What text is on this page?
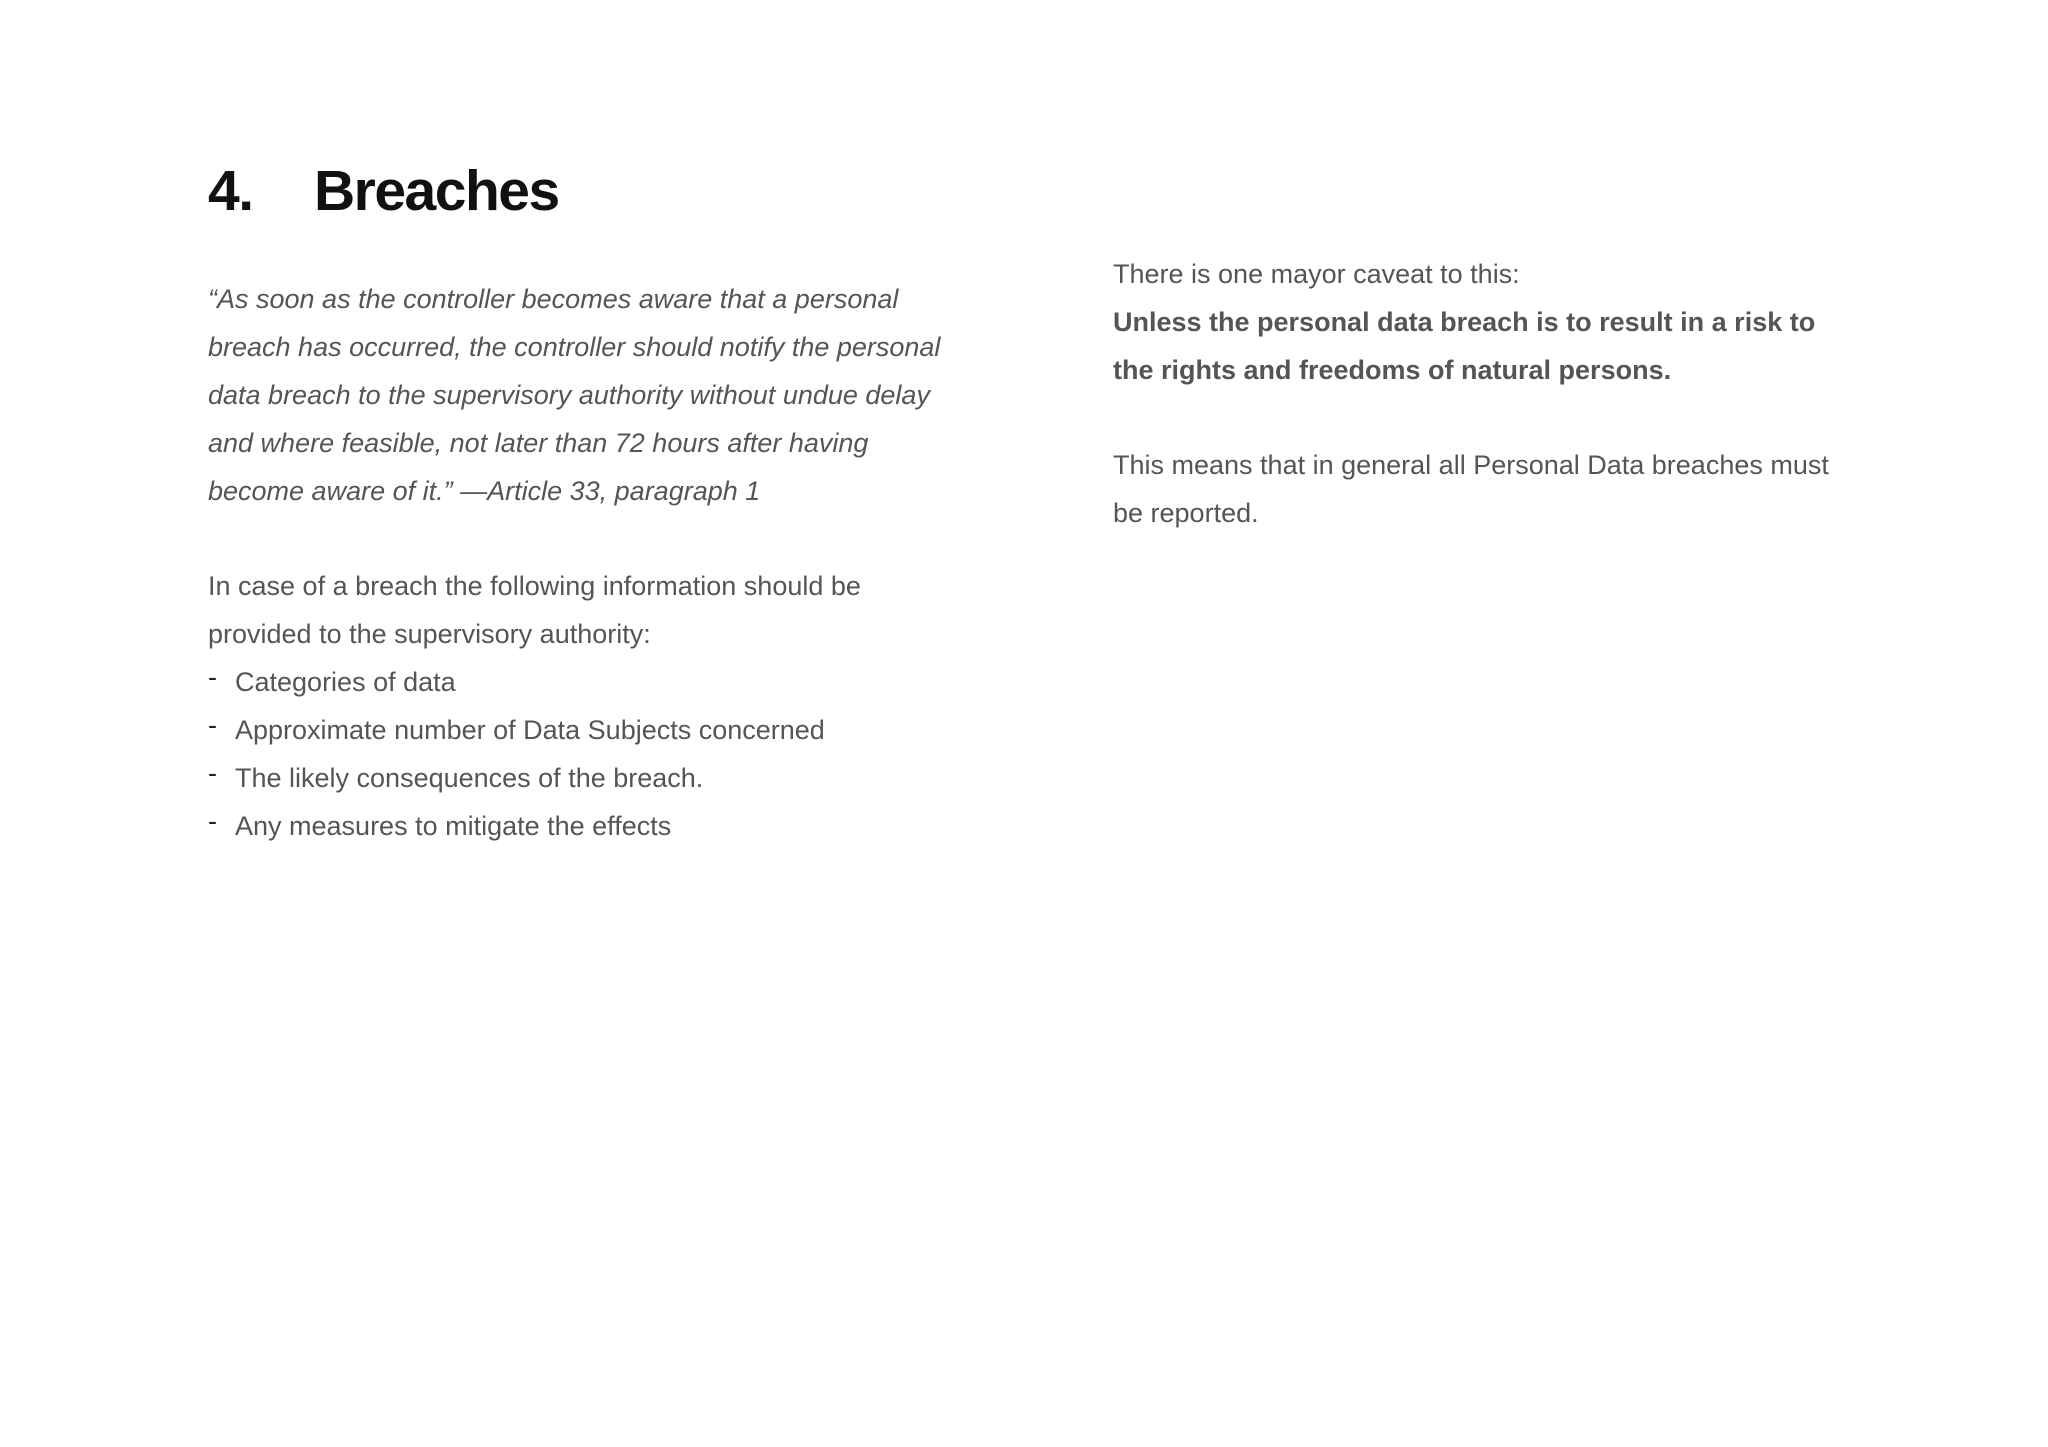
4. Breaches

“As soon as the controller becomes aware that a personal breach has occurred, the controller should notify the personal data breach to the supervisory authority without undue delay and where feasible, not later than 72 hours after having become aware of it.” —Article 33, paragraph 1

In case of a breach the following information should be provided to the supervisory authority:

- Categories of data
- Approximate number of Data Subjects concerned
- The likely consequences of the breach.
- Any measures to mitigate the effects

There is one mayor caveat to this:

Unless the personal data breach is to result in a risk to the rights and freedoms of natural persons.

This means that in general all Personal Data breaches must be reported.
